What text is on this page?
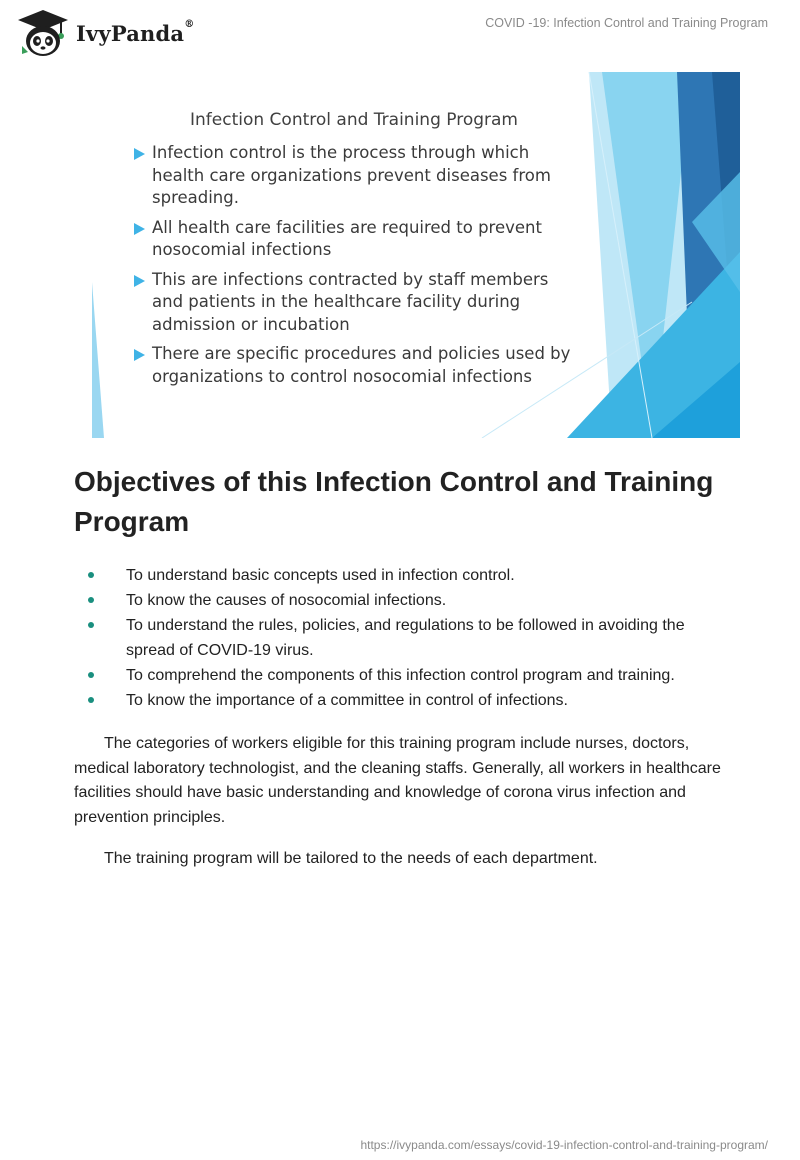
IvyPanda®	COVID -19: Infection Control and Training Program
Infection Control and Training Program
Infection control is the process through which health care organizations prevent diseases from spreading.
All health care facilities are required to prevent nosocomial infections
This are infections contracted by staff members and patients in the healthcare facility during admission or incubation
There are specific procedures and policies used by organizations to control nosocomial infections
Objectives of this Infection Control and Training Program
To understand basic concepts used in infection control.
To know the causes of nosocomial infections.
To understand the rules, policies, and regulations to be followed in avoiding the spread of COVID-19 virus.
To comprehend the components of this infection control program and training.
To know the importance of a committee in control of infections.

The categories of workers eligible for this training program include nurses, doctors, medical laboratory technologist, and the cleaning staffs. Generally, all workers in healthcare facilities should have basic understanding and knowledge of corona virus infection and prevention principles.

The training program will be tailored to the needs of each department.

https://ivypanda.com/essays/covid-19-infection-control-and-training-program/
